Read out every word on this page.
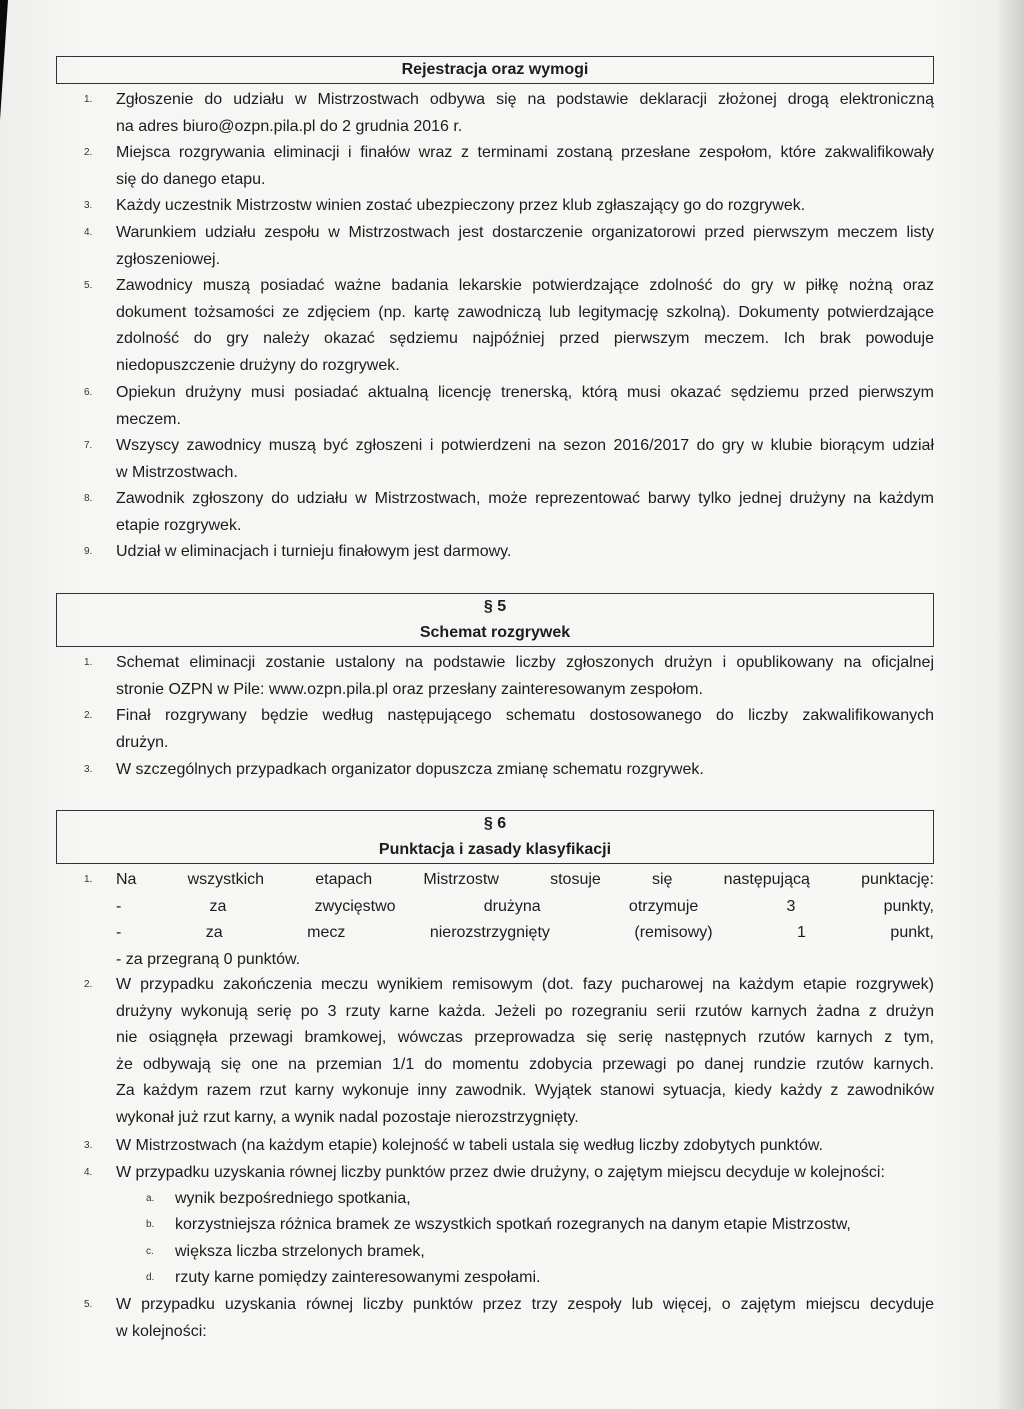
Rejestracja oraz wymogi
1. Zgłoszenie do udziału w Mistrzostwach odbywa się na podstawie deklaracji złożonej drogą elektroniczną
na adres biuro@ozpn.pila.pl do 2 grudnia 2016 r.
2. Miejsca rozgrywania eliminacji i finałów wraz z terminami zostaną przesłane zespołom, które zakwalifikowały
się do danego etapu.
3. Każdy uczestnik Mistrzostw winien zostać ubezpieczony przez klub zgłaszający go do rozgrywek.
4. Warunkiem udziału zespołu w Mistrzostwach jest dostarczenie organizatorowi przed pierwszym meczem listy
zgłoszeniowej.
5. Zawodnicy muszą posiadać ważne badania lekarskie potwierdzające zdolność do gry w piłkę nożną oraz
dokument tożsamości ze zdjęciem (np. kartę zawodniczą lub legitymację szkolną). Dokumenty potwierdzające
zdolność do gry należy okazać sędziemu najpóźniej przed pierwszym meczem. Ich brak powoduje
niedopuszczenie drużyny do rozgrywek.
6. Opiekun drużyny musi posiadać aktualną licencję trenerską, którą musi okazać sędziemu przed pierwszym
meczem.
7. Wszyscy zawodnicy muszą być zgłoszeni i potwierdzeni na sezon 2016/2017 do gry w klubie biorącym udział
w Mistrzostwach.
8. Zawodnik zgłoszony do udziału w Mistrzostwach, może reprezentować barwy tylko jednej drużyny na każdym
etapie rozgrywek.
9. Udział w eliminacjach i turnieju finałowym jest darmowy.
§ 5
Schemat rozgrywek
1. Schemat eliminacji zostanie ustalony na podstawie liczby zgłoszonych drużyn i opublikowany na oficjalnej
stronie OZPN w Pile: www.ozpn.pila.pl oraz przesłany zainteresowanym zespołom.
2. Finał rozgrywany będzie według następującego schematu dostosowanego do liczby zakwalifikowanych
drużyn.
3. W szczególnych przypadkach organizator dopuszcza zmianę schematu rozgrywek.
§ 6
Punktacja i zasady klasyfikacji
1. Na wszystkich etapach Mistrzostw stosuje się następującą punktację:
- za zwycięstwo drużyna otrzymuje 3 punkty,
- za mecz nierozstrzygnięty (remisowy) 1 punkt,
- za przegraną 0 punktów.
2. W przypadku zakończenia meczu wynikiem remisowym (dot. fazy pucharowej na każdym etapie rozgrywek)
drużyny wykonują serię po 3 rzuty karne każda. Jeżeli po rozegraniu serii rzutów karnych żadna z drużyn
nie osiągnęła przewagi bramkowej, wówczas przeprowadza się serię następnych rzutów karnych z tym,
że odbywają się one na przemian 1/1 do momentu zdobycia przewagi po danej rundzie rzutów karnych.
Za każdym razem rzut karny wykonuje inny zawodnik. Wyjątek stanowi sytuacja, kiedy każdy z zawodników
wykonał już rzut karny, a wynik nadal pozostaje nierozstrzygnięty.
3. W Mistrzostwach (na każdym etapie) kolejność w tabeli ustala się według liczby zdobytych punktów.
4. W przypadku uzyskania równej liczby punktów przez dwie drużyny, o zajętym miejscu decyduje w kolejności:
5. W przypadku uzyskania równej liczby punktów przez trzy zespoły lub więcej, o zajętym miejscu decyduje
w kolejności:
a. wynik bezpośredniego spotkania,
b. korzystniejsza różnica bramek ze wszystkich spotkań rozegranych na danym etapie Mistrzostw,
c. większa liczba strzelonych bramek,
d. rzuty karne pomiędzy zainteresowanymi zespołami.
